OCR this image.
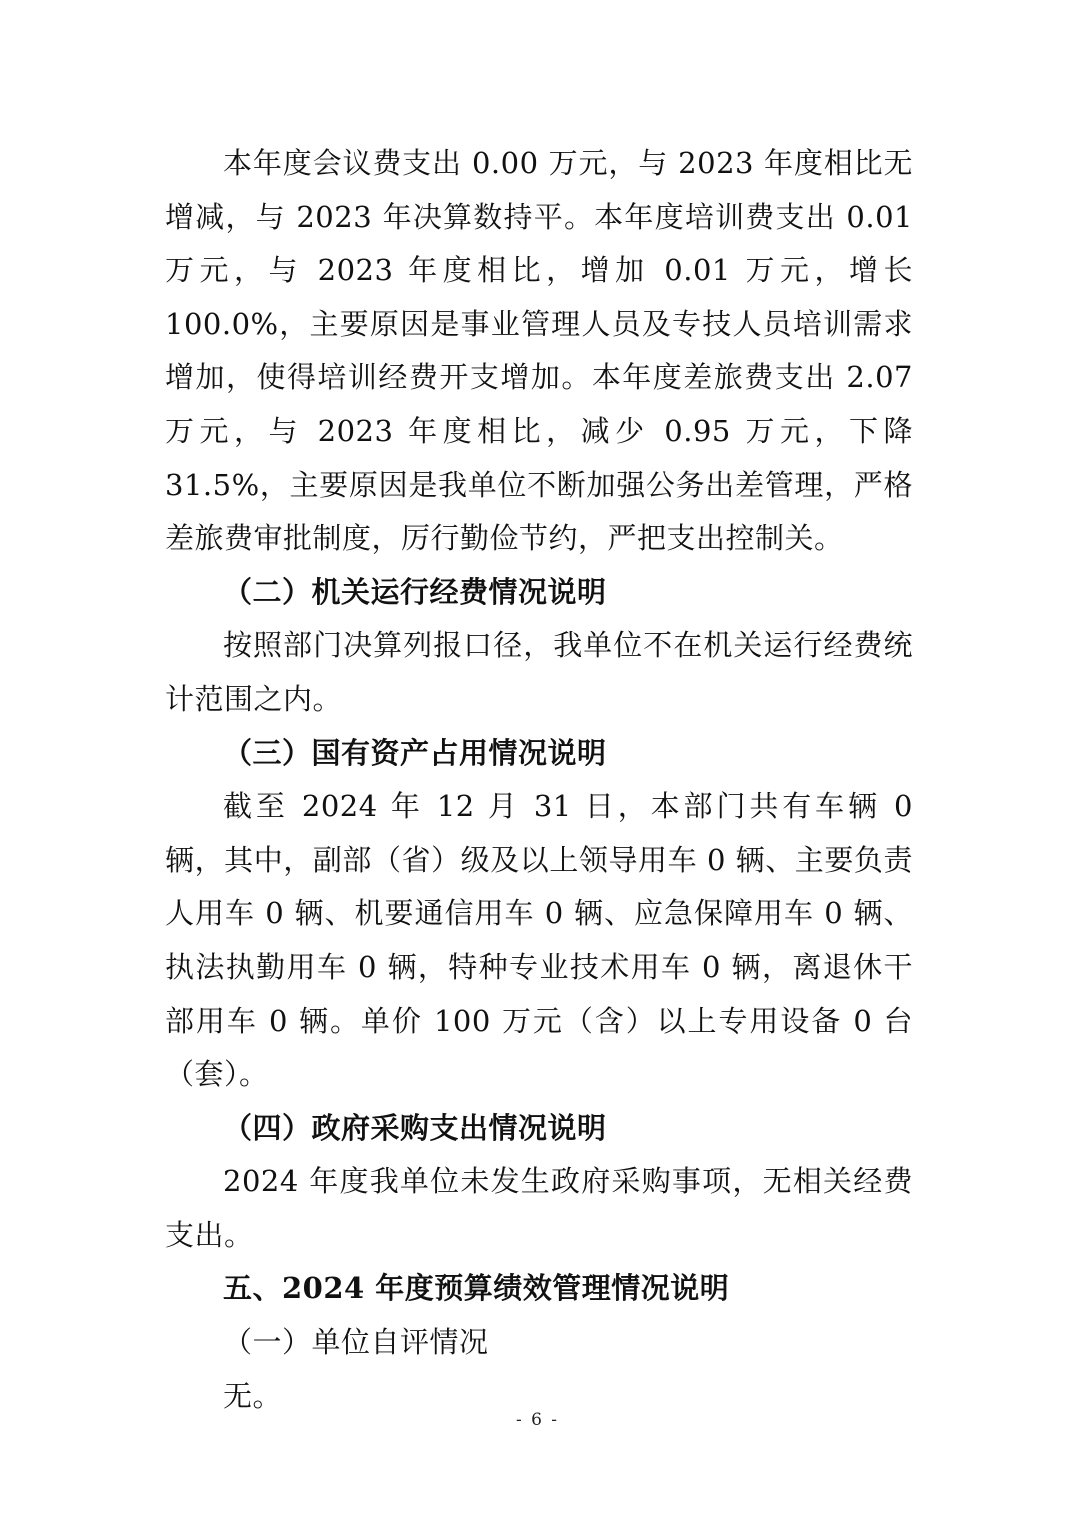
本年度会议费支出 0.00 万元，与 2023 年度相比无增减，与 2023 年决算数持平。本年度培训费支出 0.01 万元，与 2023 年度相比，增加 0.01 万元，增长 100.0%，主要原因是事业管理人员及专技人员培训需求增加，使得培训经费开支增加。本年度差旅费支出 2.07 万元，与 2023 年度相比，减少 0.95 万元，下降 31.5%，主要原因是我单位不断加强公务出差管理，严格差旅费审批制度，厉行勤俭节约，严把支出控制关。

（二）机关运行经费情况说明

按照部门决算列报口径，我单位不在机关运行经费统计范围之内。

（三）国有资产占用情况说明

截至 2024 年 12 月 31 日，本部门共有车辆 0 辆，其中，副部（省）级及以上领导用车 0 辆、主要负责人用车 0 辆、机要通信用车 0 辆、应急保障用车 0 辆、执法执勤用车 0 辆，特种专业技术用车 0 辆，离退休干部用车 0 辆。单价 100 万元（含）以上专用设备 0 台（套）。

（四）政府采购支出情况说明

2024 年度我单位未发生政府采购事项，无相关经费支出。

五、2024 年度预算绩效管理情况说明

（一）单位自评情况

无。

- 6 -
